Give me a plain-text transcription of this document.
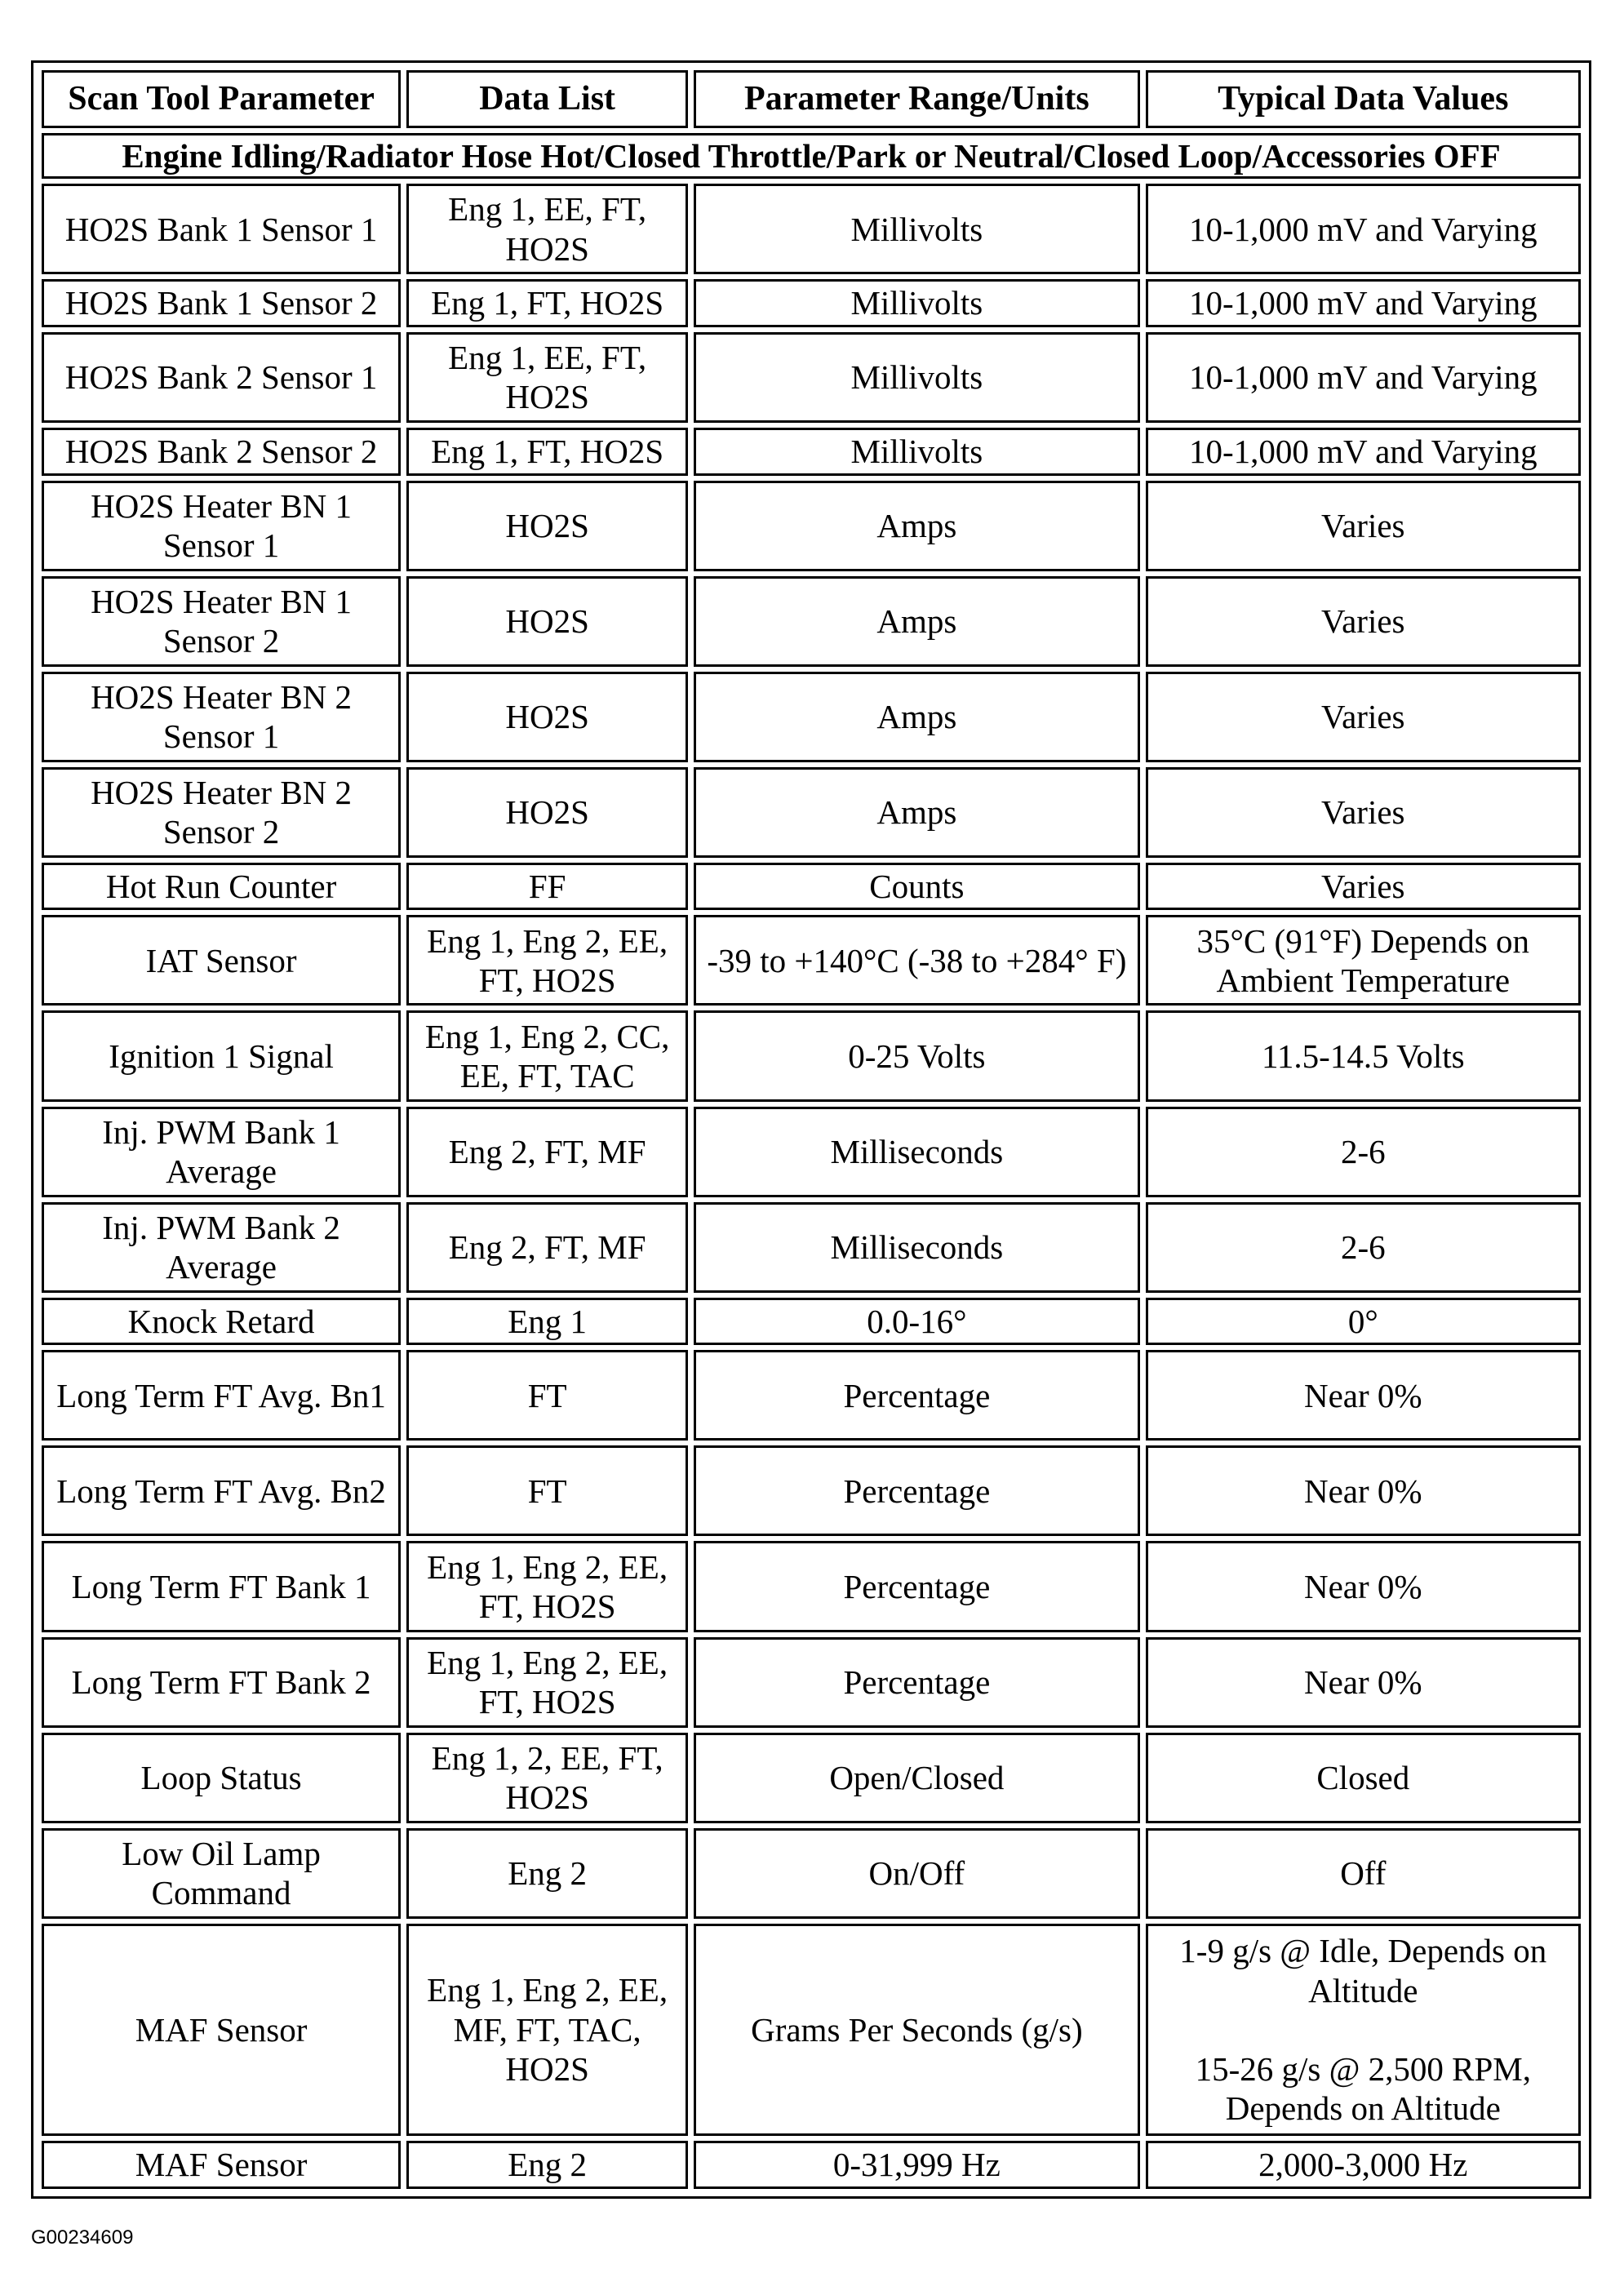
Scan Tool Parameter	Data List	Parameter Range/Units	Typical Data Values
Engine Idling/Radiator Hose Hot/Closed Throttle/Park or Neutral/Closed Loop/Accessories OFF			
HO2S Bank 1 Sensor 1	Eng 1, EE, FT, HO2S	Millivolts	10-1,000 mV and Varying
HO2S Bank 1 Sensor 2	Eng 1, FT, HO2S	Millivolts	10-1,000 mV and Varying
HO2S Bank 2 Sensor 1	Eng 1, EE, FT, HO2S	Millivolts	10-1,000 mV and Varying
HO2S Bank 2 Sensor 2	Eng 1, FT, HO2S	Millivolts	10-1,000 mV and Varying
HO2S Heater BN 1 Sensor 1	HO2S	Amps	Varies
HO2S Heater BN 1 Sensor 2	HO2S	Amps	Varies
HO2S Heater BN 2 Sensor 1	HO2S	Amps	Varies
HO2S Heater BN 2 Sensor 2	HO2S	Amps	Varies
Hot Run Counter	FF	Counts	Varies
IAT Sensor	Eng 1, Eng 2, EE, FT, HO2S	-39 to +140°C (-38 to +284° F)	35°C (91°F) Depends on Ambient Temperature
Ignition 1 Signal	Eng 1, Eng 2, CC, EE, FT, TAC	0-25 Volts	11.5-14.5 Volts
Inj. PWM Bank 1 Average	Eng 2, FT, MF	Milliseconds	2-6
Inj. PWM Bank 2 Average	Eng 2, FT, MF	Milliseconds	2-6
Knock Retard	Eng 1	0.0-16°	0°
Long Term FT Avg. Bn1	FT	Percentage	Near 0%
Long Term FT Avg. Bn2	FT	Percentage	Near 0%
Long Term FT Bank 1	Eng 1, Eng 2, EE, FT, HO2S	Percentage	Near 0%
Long Term FT Bank 2	Eng 1, Eng 2, EE, FT, HO2S	Percentage	Near 0%
Loop Status	Eng 1, 2, EE, FT, HO2S	Open/Closed	Closed
Low Oil Lamp Command	Eng 2	On/Off	Off
MAF Sensor	Eng 1, Eng 2, EE, MF, FT, TAC, HO2S	Grams Per Seconds (g/s)	1-9 g/s @ Idle, Depends on Altitude
15-26 g/s @ 2,500 RPM, Depends on Altitude
MAF Sensor	Eng 2	0-31,999 Hz	2,000-3,000 Hz
G00234609
